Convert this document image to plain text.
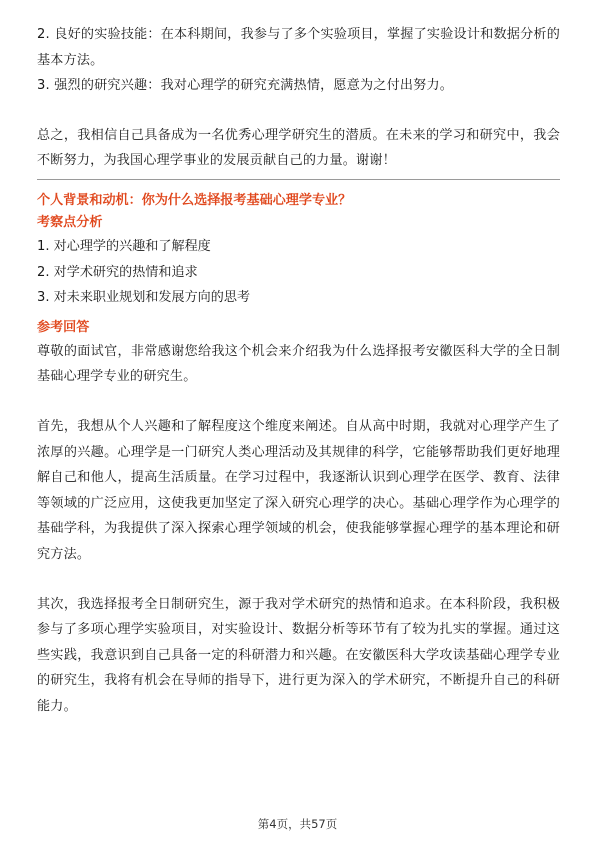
2. 良好的实验技能：在本科期间，我参与了多个实验项目，掌握了实验设计和数据分析的基本方法。

3. 强烈的研究兴趣：我对心理学的研究充满热情，愿意为之付出努力。

总之，我相信自己具备成为一名优秀心理学研究生的潜质。在未来的学习和研究中，我会不断努力，为我国心理学事业的发展贡献自己的力量。谢谢！

个人背景和动机：你为什么选择报考基础心理学专业？

考察点分析

1. 对心理学的兴趣和了解程度

2. 对学术研究的热情和追求

3. 对未来职业规划和发展方向的思考

参考回答

尊敬的面试官，非常感谢您给我这个机会来介绍我为什么选择报考安徽医科大学的全日制基础心理学专业的研究生。

首先，我想从个人兴趣和了解程度这个维度来阐述。自从高中时期，我就对心理学产生了浓厚的兴趣。心理学是一门研究人类心理活动及其规律的科学，它能够帮助我们更好地理解自己和他人，提高生活质量。在学习过程中，我逐渐认识到心理学在医学、教育、法律等领域的广泛应用，这使我更加坚定了深入研究心理学的决心。基础心理学作为心理学的基础学科，为我提供了深入探索心理学领域的机会，使我能够掌握心理学的基本理论和研究方法。

其次，我选择报考全日制研究生，源于我对学术研究的热情和追求。在本科阶段，我积极参与了多项心理学实验项目，对实验设计、数据分析等环节有了较为扎实的掌握。通过这些实践，我意识到自己具备一定的科研潜力和兴趣。在安徽医科大学攻读基础心理学专业的研究生，我将有机会在导师的指导下，进行更为深入的学术研究，不断提升自己的科研能力。

第4页，共57页
